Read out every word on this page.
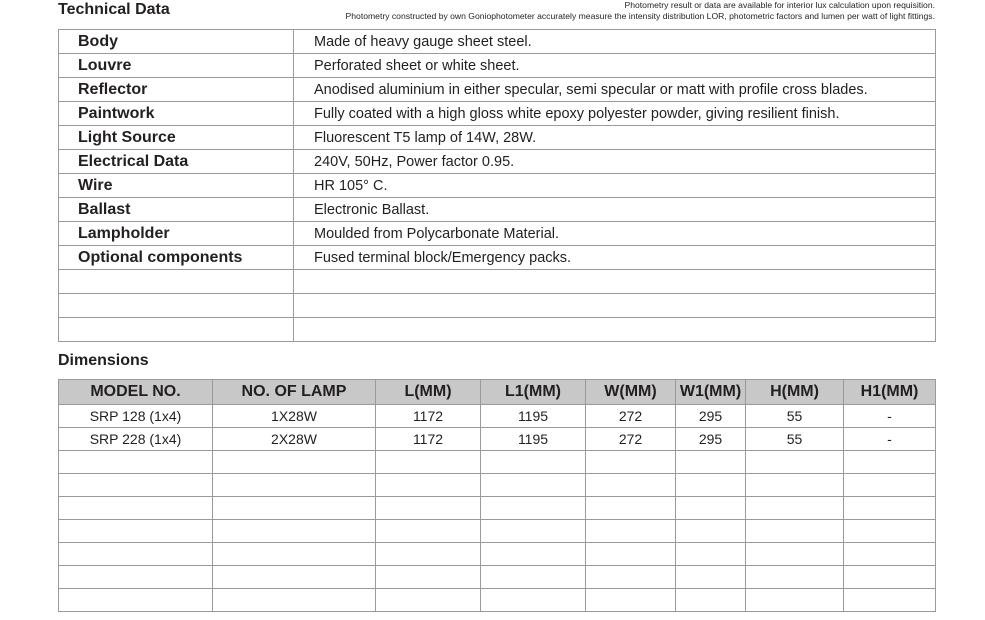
Technical Data	Photometry result or data are available for interior lux calculation upon requisition.
Photometry constructed by own Goniophotometer accurately measure the intensity distribution LOR, photometric factors and lumen per watt of light fittings.
Body	Made of heavy gauge sheet steel.
Louvre	Perforated sheet or white sheet.
Reflector	Anodised aluminium in either specular, semi specular or matt with profile cross blades.
Paintwork	Fully coated with a high gloss white epoxy polyester powder, giving resilient finish.
Light Source	Fluorescent T5 lamp of 14W, 28W.
Electrical Data	240V, 50Hz, Power factor 0.95.
Wire	HR 105° C.
Ballast	Electronic Ballast.
Lampholder	Moulded from Polycarbonate Material.
Optional components	Fused terminal block/Emergency packs.

Dimensions
MODEL NO.	NO. OF LAMP	L(MM)	L1(MM)	W(MM)	W1(MM)	H(MM)	H1(MM)
SRP 128 (1x4)	1X28W	1172	1195	272	295	55	-
SRP 228 (1x4)	2X28W	1172	1195	272	295	55	-
